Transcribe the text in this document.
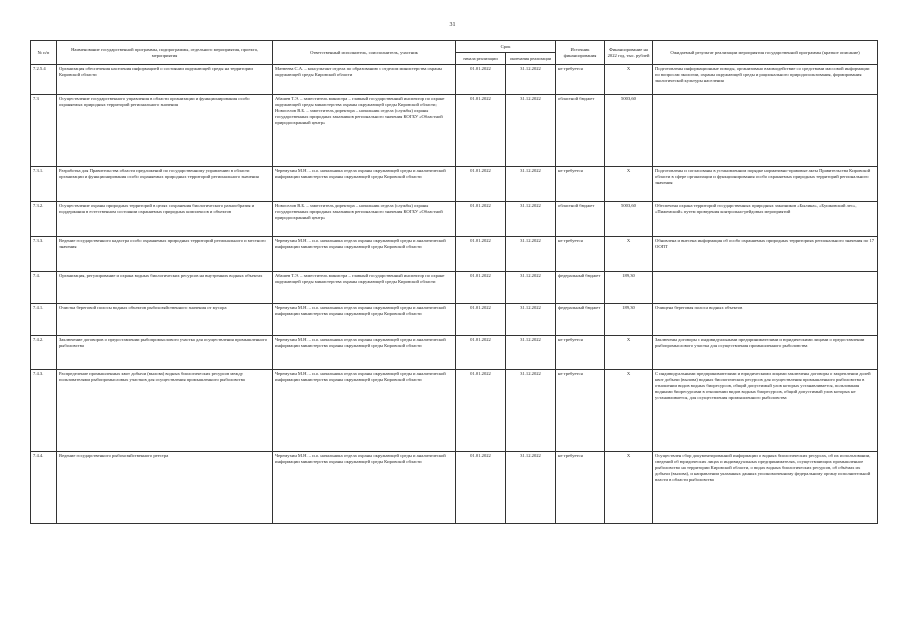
31
№ п/п	Наименование государственной программы, подпрограммы, отдельного мероприятия, проекта, мероприятия	Ответственный исполнитель, соисполнитель, участник	Срок		Источник финансирования	Финансирование на 2022 год, тыс. рублей	Ожидаемый результат реализации мероприятия государственной программы (краткое описание)
			начала реализации	окончания реализации			
7.2.5.4	Организация обеспечения населения информацией о состоянии окружающей среды на территории Кировской области	Матвеева С.А. – консультант отдела по образованию с отделом министерства охраны окружающей среды Кировской области	01.01.2022	31.12.2022	не требуется	X	Подготовлены информационные поводы, организовано взаимодействие со средствами массовой информации по вопросам экологии, охраны окружающей среды и рационального природопользования, формирования экологической культуры населения
7.3	Осуществление государственного управления в области организации и функционирования особо охраняемых природных территорий регионального значения	Абашев Т.Э. – заместитель министра – главный государственный инспектор по охране окружающей среды министерства охраны окружающей среды Кировской области; Новоселов В.Б. – заместитель директора – начальник отдела (службы) охраны государственных природных заказников регионального значения КОГБУ «Областной природоохранный центр»	01.01.2022	31.12.2022	областной бюджет	5003,60	
7.3.1.	Разработка для Правительства области предложений по государственному управлению в области организации и функционирования особо охраняемых природных территорий регионального значения	Черемухин М.Н. – и.о. начальника отдела охраны окружающей среды и аналитической информации министерства охраны окружающей среды Кировской области	01.01.2022	31.12.2022	не требуется	X	Подготовлены и согласованы в установленном порядке нормативно-правовые акты Правительства Кировской области в сфере организации и функционирования особо охраняемых природных территорий регионального значения
7.3.2.	Осуществление охраны природных территорий в целях сохранения биологического разнообразия и поддержания в естественном состоянии охраняемых природных комплексов и объектов	Новоселов В.Б. – заместитель директора – начальник отдела (службы) охраны государственных природных заказников регионального значения КОГБУ «Областной природоохранный центр»	01.01.2022	31.12.2022	областной бюджет	5003,60	Обеспечена охрана территорий государственных природных заказников «Былина», «Бушковский лес», «Пижемский» путем проведения контрольно-рейдовых мероприятий
7.3.3.	Ведение государственного кадастра особо охраняемых природных территорий регионального и местного значения	Черемухин М.Н. – и.о. начальника отдела охраны окружающей среды и аналитической информации министерства охраны окружающей среды Кировской области	01.01.2022	31.12.2022	не требуется	X	Обновлена и внесена информация об особо охраняемых природных территориях регионального значения по 17 ООПТ
7.4.	Организация, регулирование и охрана водных биологических ресурсов на внутренних водных объектах	Абашев Т.Э. – заместитель министра – главный государственный инспектор по охране окружающей среды министерства охраны окружающей среды Кировской области	01.01.2022	31.12.2022	федеральный бюджет	189,30	
7.4.1.	Очистка береговой полосы водных объектов рыбохозяйственного значения от мусора	Черемухин М.Н. – и.о. начальника отдела охраны окружающей среды и аналитической информации министерства охраны окружающей среды Кировской области	01.01.2022	31.12.2022	федеральный бюджет	189,30	Очищена береговая полоса водных объектов
7.4.2.	Заключение договоров о предоставлении рыбопромыслового участка для осуществления промышленного рыболовства	Черемухин М.Н. – и.о. начальника отдела охраны окружающей среды и аналитической информации министерства охраны окружающей среды Кировской области	01.01.2022	31.12.2022	не требуется	X	Заключены договоры с индивидуальными предпринимателями и юридическими лицами о предоставлении рыбопромыслового участка для осуществления промышленного рыболовства
7.4.3.	Распределение промышленных квот добычи (вылова) водных биологических ресурсов между пользователями рыбопромысловых участков для осуществления промышленного рыболовства	Черемухин М.Н. – и.о. начальника отдела охраны окружающей среды и аналитической информации министерства охраны окружающей среды Кировской области	01.01.2022	31.12.2022	не требуется	X	С индивидуальными предпринимателями и юридическими лицами заключены договоры о закреплении долей квот добычи (вылова) водных биологических ресурсов для осуществления промышленного рыболовства в отношении видов водных биоресурсов, общий допустимый улов которых устанавливается, пользования водными биоресурсами в отношении видов водных биоресурсов, общий допустимый улов которых не устанавливается, для осуществления промышленного рыболовства
7.4.4.	Ведение государственного рыбохозяйственного реестра	Черемухин М.Н. – и.о. начальника отдела охраны окружающей среды и аналитической информации министерства охраны окружающей среды Кировской области	01.01.2022	31.12.2022	не требуется	X	Осуществлен сбор документированной информации о водных биологических ресурсах, об их использовании, сведений об юридических лицах и индивидуальных предпринимателях, осуществляющих промышленное рыболовство на территории Кировской области, о видах водных биологических ресурсов, об объёмах их добычи (вылова), и направлении указанных данных уполномоченному федеральному органу исполнительной власти в области рыболовства
